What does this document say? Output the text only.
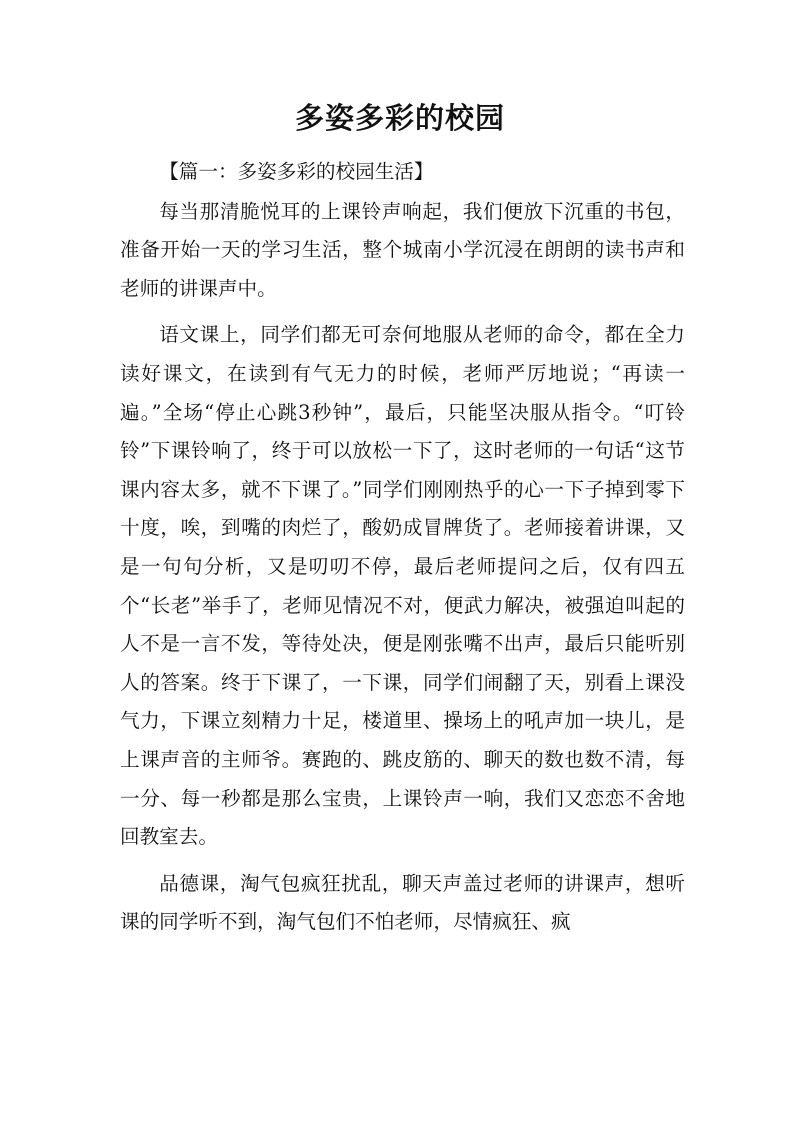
多姿多彩的校园

【篇一：多姿多彩的校园生活】

每当那清脆悦耳的上课铃声响起，我们便放下沉重的书包，准备开始一天的学习生活，整个城南小学沉浸在朗朗的读书声和老师的讲课声中。

语文课上，同学们都无可奈何地服从老师的命令，都在全力读好课文，在读到有气无力的时候，老师严厉地说；“再读一遍。”全场“停止心跳3秒钟”，最后，只能坚决服从指令。“叮铃铃”下课铃响了，终于可以放松一下了，这时老师的一句话“这节课内容太多，就不下课了。”同学们刚刚热乎的心一下子掉到零下十度，唉，到嘴的肉烂了，酸奶成冒牌货了。老师接着讲课，又是一句句分析，又是叨叨不停，最后老师提问之后，仅有四五个“长老”举手了，老师见情况不对，便武力解决，被强迫叫起的人不是一言不发，等待处决，便是刚张嘴不出声，最后只能听别人的答案。终于下课了，一下课，同学们闹翻了天，别看上课没气力，下课立刻精力十足，楼道里、操场上的吼声加一块儿，是上课声音的主师爷。赛跑的、跳皮筋的、聊天的数也数不清，每一分、每一秒都是那么宝贵，上课铃声一响，我们又恋恋不舍地回教室去。

品德课，淘气包疯狂扰乱，聊天声盖过老师的讲课声，想听课的同学听不到，淘气包们不怕老师，尽情疯狂、疯
